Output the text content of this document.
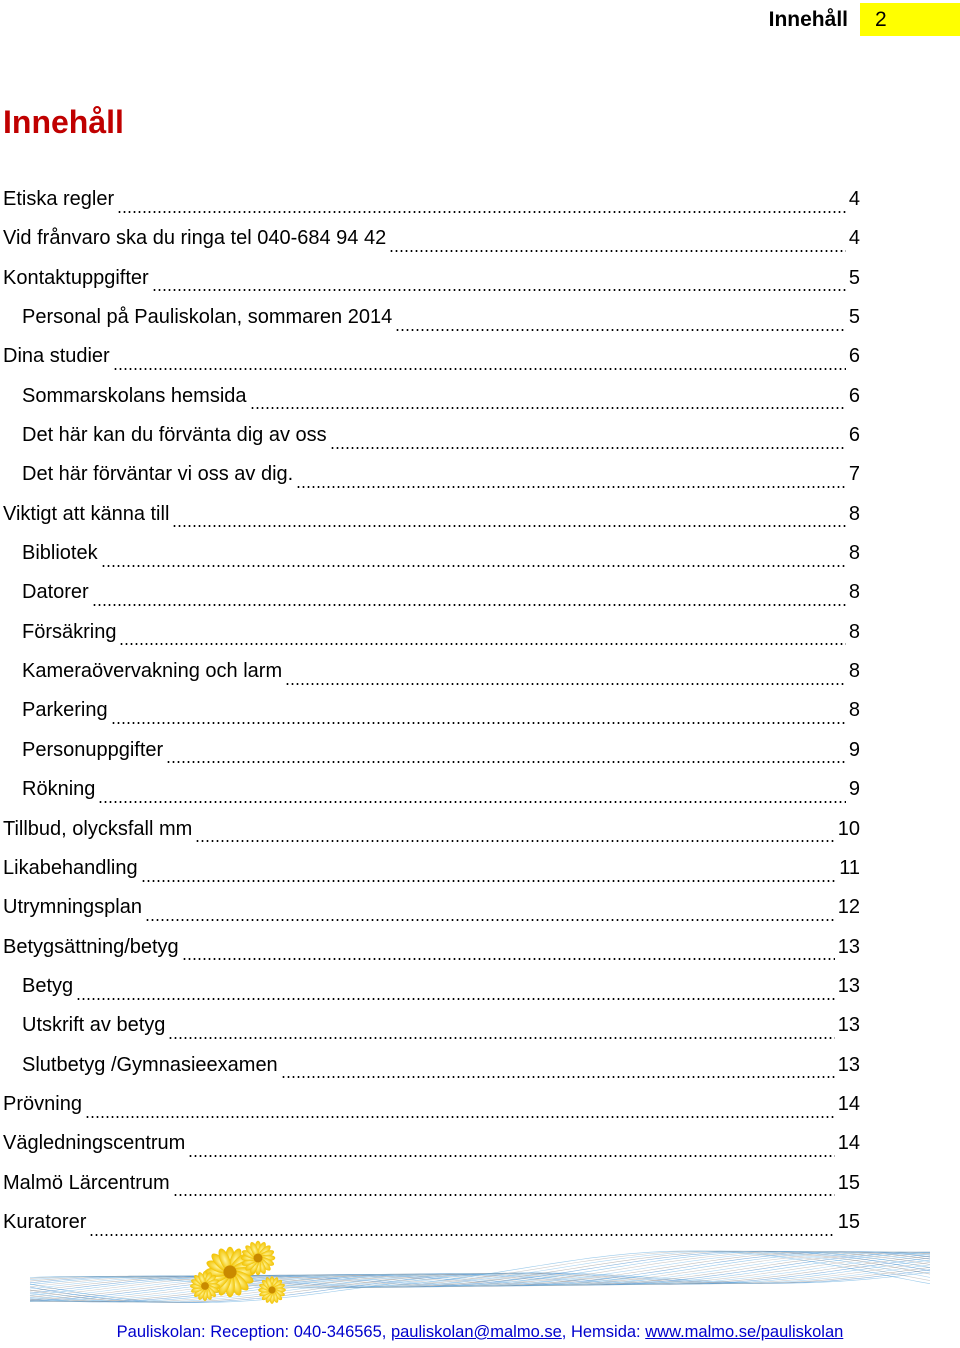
Innehåll	2
Innehåll
Etiska regler	4
Vid frånvaro ska du ringa tel 040-684 94 42	4
Kontaktuppgifter	5
Personal på Pauliskolan, sommaren 2014	5
Dina studier	6
Sommarskolans hemsida	6
Det här kan du förvänta dig av oss	6
Det här förväntar vi oss av dig.	7
Viktigt att känna till	8
Bibliotek	8
Datorer	8
Försäkring	8
Kameraövervakning och larm	8
Parkering	8
Personuppgifter	9
Rökning	9
Tillbud, olycksfall mm	10
Likabehandling	11
Utrymningsplan	12
Betygsättning/betyg	13
Betyg	13
Utskrift av betyg	13
Slutbetyg /Gymnasieexamen	13
Prövning	14
Vägledningscentrum	14
Malmö Lärcentrum	15
Kuratorer	15
Pauliskolan: Reception: 040-346565, pauliskolan@malmo.se, Hemsida: www.malmo.se/pauliskolan
